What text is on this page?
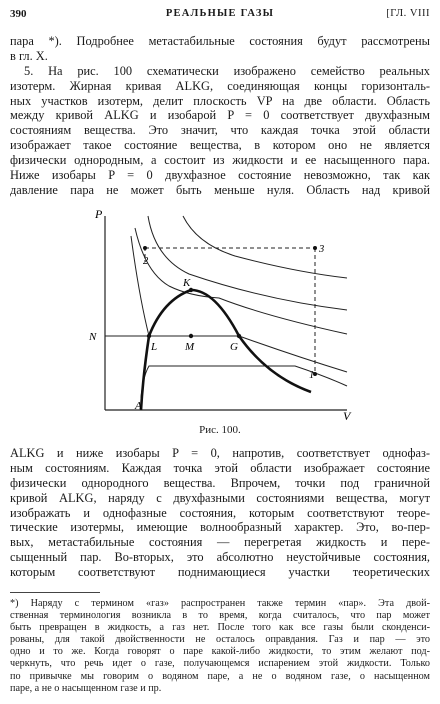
390	РЕАЛЬНЫЕ ГАЗЫ	[ГЛ. VIII
пара *). Подробнее метастабильные состояния будут рассмотрены
в гл. X.
5. На рис. 100 схематически изображено семейство реальных
изотерм. Жирная кривая ALKG, соединяющая концы горизонталь-
ных участков изотерм, делит плоскость VP на две области. Область
между кривой ALKG и изобарой P = 0 соответствует двухфазным
состояниям вещества. Это значит, что каждая точка этой области
изображает такое состояние вещества, в котором оно не является
физически однородным, а состоит из жидкости и ее насыщенного пара.
Ниже изобары P = 0 двухфазное состояние невозможно, так как
давление пара не может быть меньше нуля. Область над кривой
P
V
2
3
1
K
L	M	G
N
A
Рис. 100.
ALKG и ниже изобары P = 0, напротив, соответствует однофаз-
ным состояниям. Каждая точка этой области изображает состояние
физически однородного вещества. Впрочем, точки под граничной
кривой ALKG, наряду с двухфазными состояниями вещества, могут
изображать и однофазные состояния, которым соответствуют теоре-
тические изотермы, имеющие волнообразный характер. Это, во-пер-
вых, метастабильные состояния — перегретая жидкость и пере-
сыщенный пар. Во-вторых, это абсолютно неустойчивые состояния,
которым соответствуют поднимающиеся участки теоретических
*) Наряду с термином «газ» распространен также термин «пар». Эта двой-
ственная терминология возникла в то время, когда считалось, что пар может
быть превращен в жидкость, а газ нет. После того как все газы были сконденси-
рованы, для такой двойственности не осталось оправдания. Газ и пар — это
одно и то же. Когда говорят о паре какой-либо жидкости, то этим желают под-
черкнуть, что речь идет о газе, получающемся испарением этой жидкости. Только
по привычке мы говорим о водяном паре, а не о водяном газе, о насыщенном
паре, а не о насыщенном газе и пр.
